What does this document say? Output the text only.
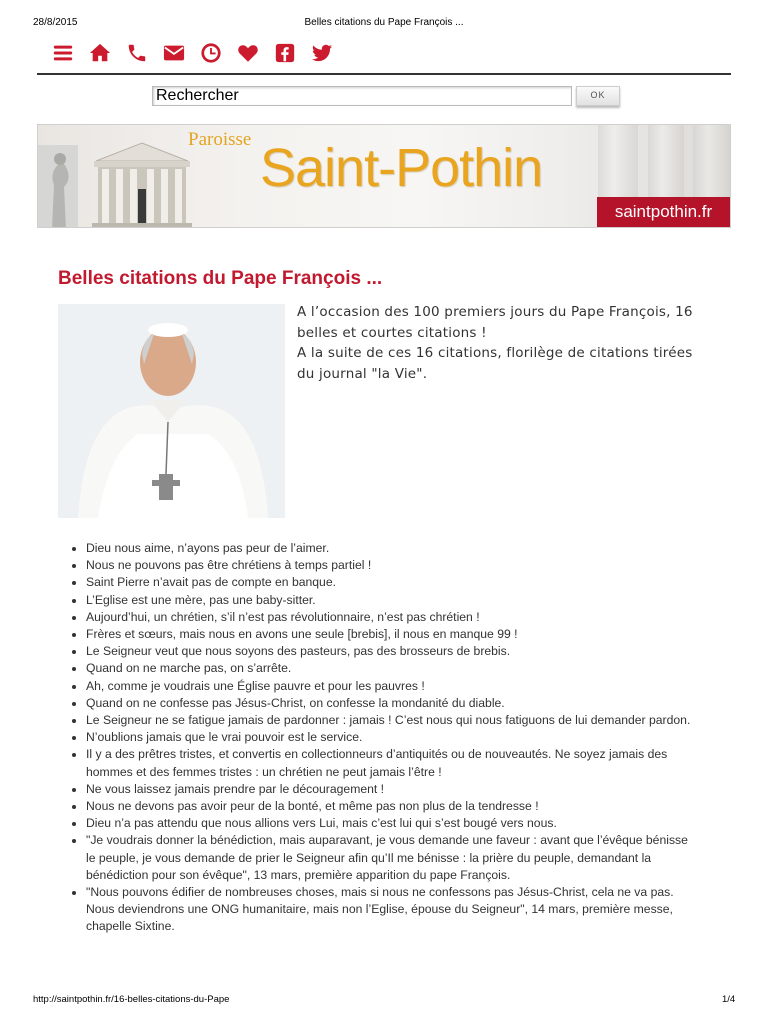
28/8/2015	Belles citations du Pape François ...
Rechercher
OK
Paroisse Saint-Pothin
saintpothin.fr
Belles citations du Pape François ...

A l’occasion des 100 premiers jours du Pape François, 16 belles et courtes citations !

A la suite de ces 16 citations, florilège de citations tirées du journal "la Vie".

• Dieu nous aime, n’ayons pas peur de l’aimer.
• Nous ne pouvons pas être chrétiens à temps partiel !
• Saint Pierre n’avait pas de compte en banque.
• L’Eglise est une mère, pas une baby-sitter.
• Aujourd’hui, un chrétien, s’il n’est pas révolutionnaire, n’est pas chrétien !
• Frères et sœurs, mais nous en avons une seule [brebis], il nous en manque 99 !
• Le Seigneur veut que nous soyons des pasteurs, pas des brosseurs de brebis.
• Quand on ne marche pas, on s’arrête.
• Ah, comme je voudrais une Église pauvre et pour les pauvres !
• Quand on ne confesse pas Jésus-Christ, on confesse la mondanité du diable.
• Le Seigneur ne se fatigue jamais de pardonner : jamais ! C’est nous qui nous fatiguons de lui demander pardon.
• N’oublions jamais que le vrai pouvoir est le service.
• Il y a des prêtres tristes, et convertis en collectionneurs d’antiquités ou de nouveautés. Ne soyez jamais des hommes et des femmes tristes : un chrétien ne peut jamais l’être !
• Ne vous laissez jamais prendre par le découragement !
• Nous ne devons pas avoir peur de la bonté, et même pas non plus de la tendresse !
• Dieu n’a pas attendu que nous allions vers Lui, mais c’est lui qui s’est bougé vers nous.
• "Je voudrais donner la bénédiction, mais auparavant, je vous demande une faveur : avant que l’évêque bénisse le peuple, je vous demande de prier le Seigneur afin qu’Il me bénisse : la prière du peuple, demandant la bénédiction pour son évêque", 13 mars, première apparition du pape François.
• "Nous pouvons édifier de nombreuses choses, mais si nous ne confessons pas Jésus-Christ, cela ne va pas. Nous deviendrons une ONG humanitaire, mais non l’Eglise, épouse du Seigneur", 14 mars, première messe, chapelle Sixtine.
http://saintpothin.fr/16-belles-citations-du-Pape	1/4
